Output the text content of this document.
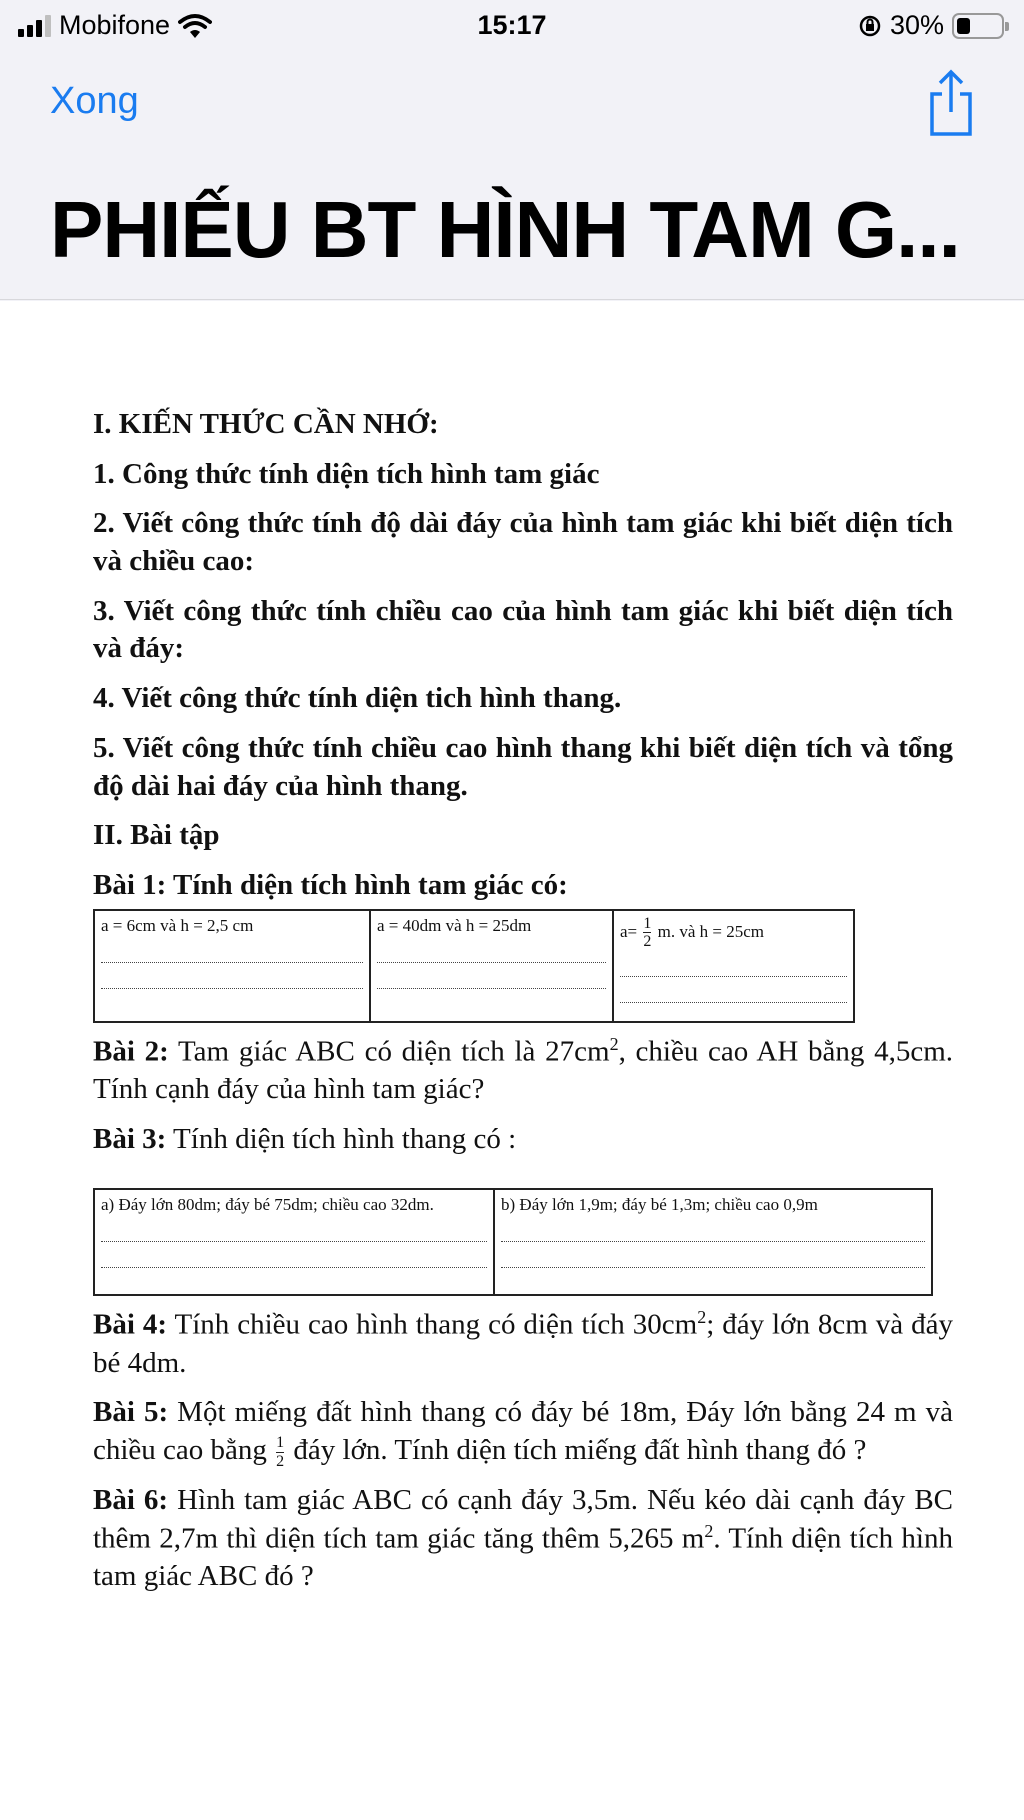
Mobifone	15:17	30%
Xong
PHIẾU BT HÌNH TAM G...

I. KIẾN THỨC CẦN NHỚ:

1. Công thức tính diện tích hình tam giác

2. Viết công thức tính độ dài đáy của hình tam giác khi biết diện tích và chiều cao:

3. Viết công thức tính chiều cao của hình tam giác khi biết diện tích và đáy:

4. Viết công thức tính diện tich hình thang.

5. Viết công thức tính chiều cao hình thang khi biết diện tích và tổng độ dài hai đáy của hình thang.

II. Bài tập

Bài 1: Tính diện tích hình tam giác có:

a = 6cm và h = 2,5 cm	a = 40dm và h = 25dm	$a= \frac{1}{2} m$. và h = 25cm

Bài 2: Tam giác ABC có diện tích là $27cm^2$, chiều cao AH bằng 4,5cm. Tính cạnh đáy của hình tam giác?

Bài 3: Tính diện tích hình thang có :

a) Đáy lớn 80dm; đáy bé 75dm; chiều cao 32dm.	b) Đáy lớn 1,9m; đáy bé 1,3m; chiều cao 0,9m

Bài 4: Tính chiều cao hình thang có diện tích $30cm^2$; đáy lớn 8cm và đáy bé 4dm.

Bài 5: Một miếng đất hình thang có đáy bé 18m, Đáy lớn bằng 24 m và chiều cao bằng $\frac{1}{2}$ đáy lớn. Tính diện tích miếng đất hình thang đó ?

Bài 6: Hình tam giác ABC có cạnh đáy 3,5m. Nếu kéo dài cạnh đáy BC thêm 2,7m thì diện tích tam giác tăng thêm 5,265 $m^2$. Tính diện tích hình tam giác ABC đó ?
